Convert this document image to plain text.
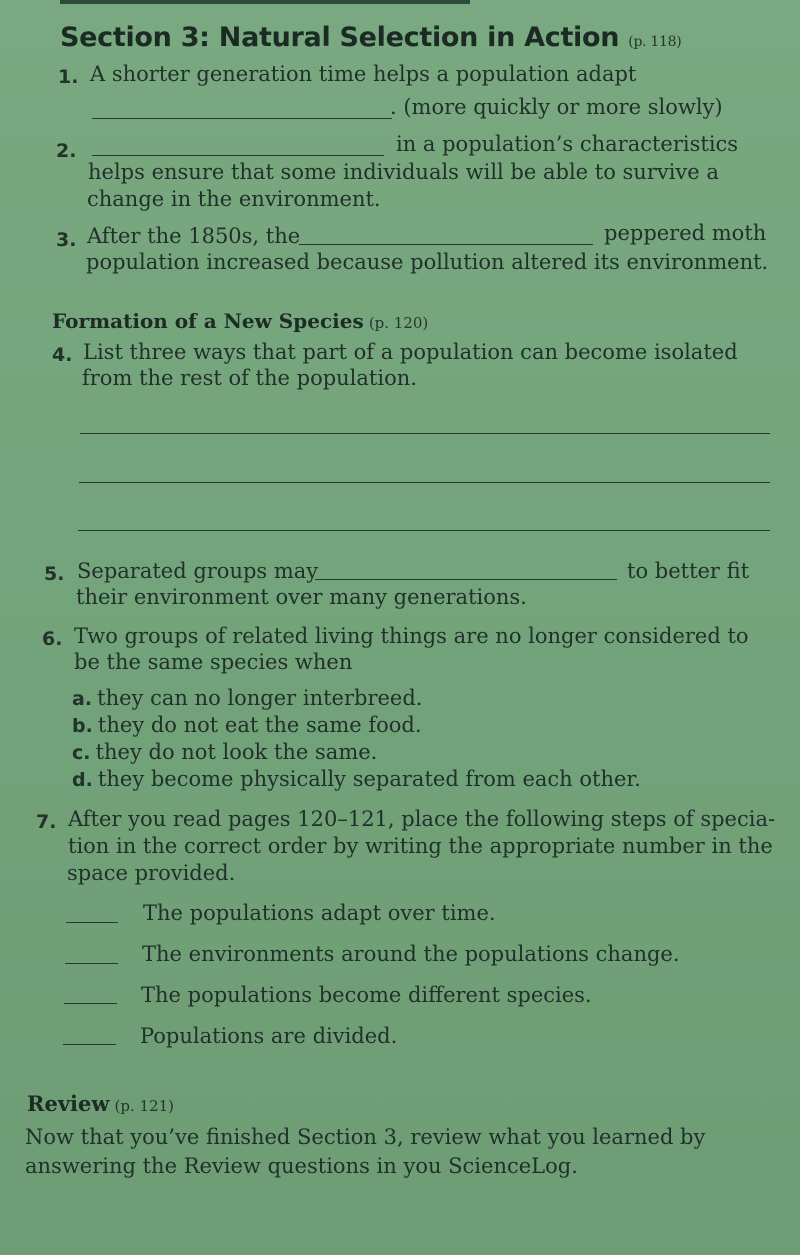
Section 3: Natural Selection in Action (p. 118)
1. A shorter generation time helps a population adapt
. (more quickly or more slowly)
2.	in a population’s characteristics
helps ensure that some individuals will be able to survive a
change in the environment.
3. After the 1850s, the	peppered moth
population increased because pollution altered its environment.
Formation of a New Species (p. 120)
4. List three ways that part of a population can become isolated
from the rest of the population.
5. Separated groups may	to better fit
their environment over many generations.
6. Two groups of related living things are no longer considered to
be the same species when
a. they can no longer interbreed.
b. they do not eat the same food.
c. they do not look the same.
d. they become physically separated from each other.
7. After you read pages 120–121, place the following steps of specia-
tion in the correct order by writing the appropriate number in the
space provided.
The populations adapt over time.
The environments around the populations change.
The populations become different species.
Populations are divided.
Review (p. 121)
Now that you’ve finished Section 3, review what you learned by
answering the Review questions in you ScienceLog.
